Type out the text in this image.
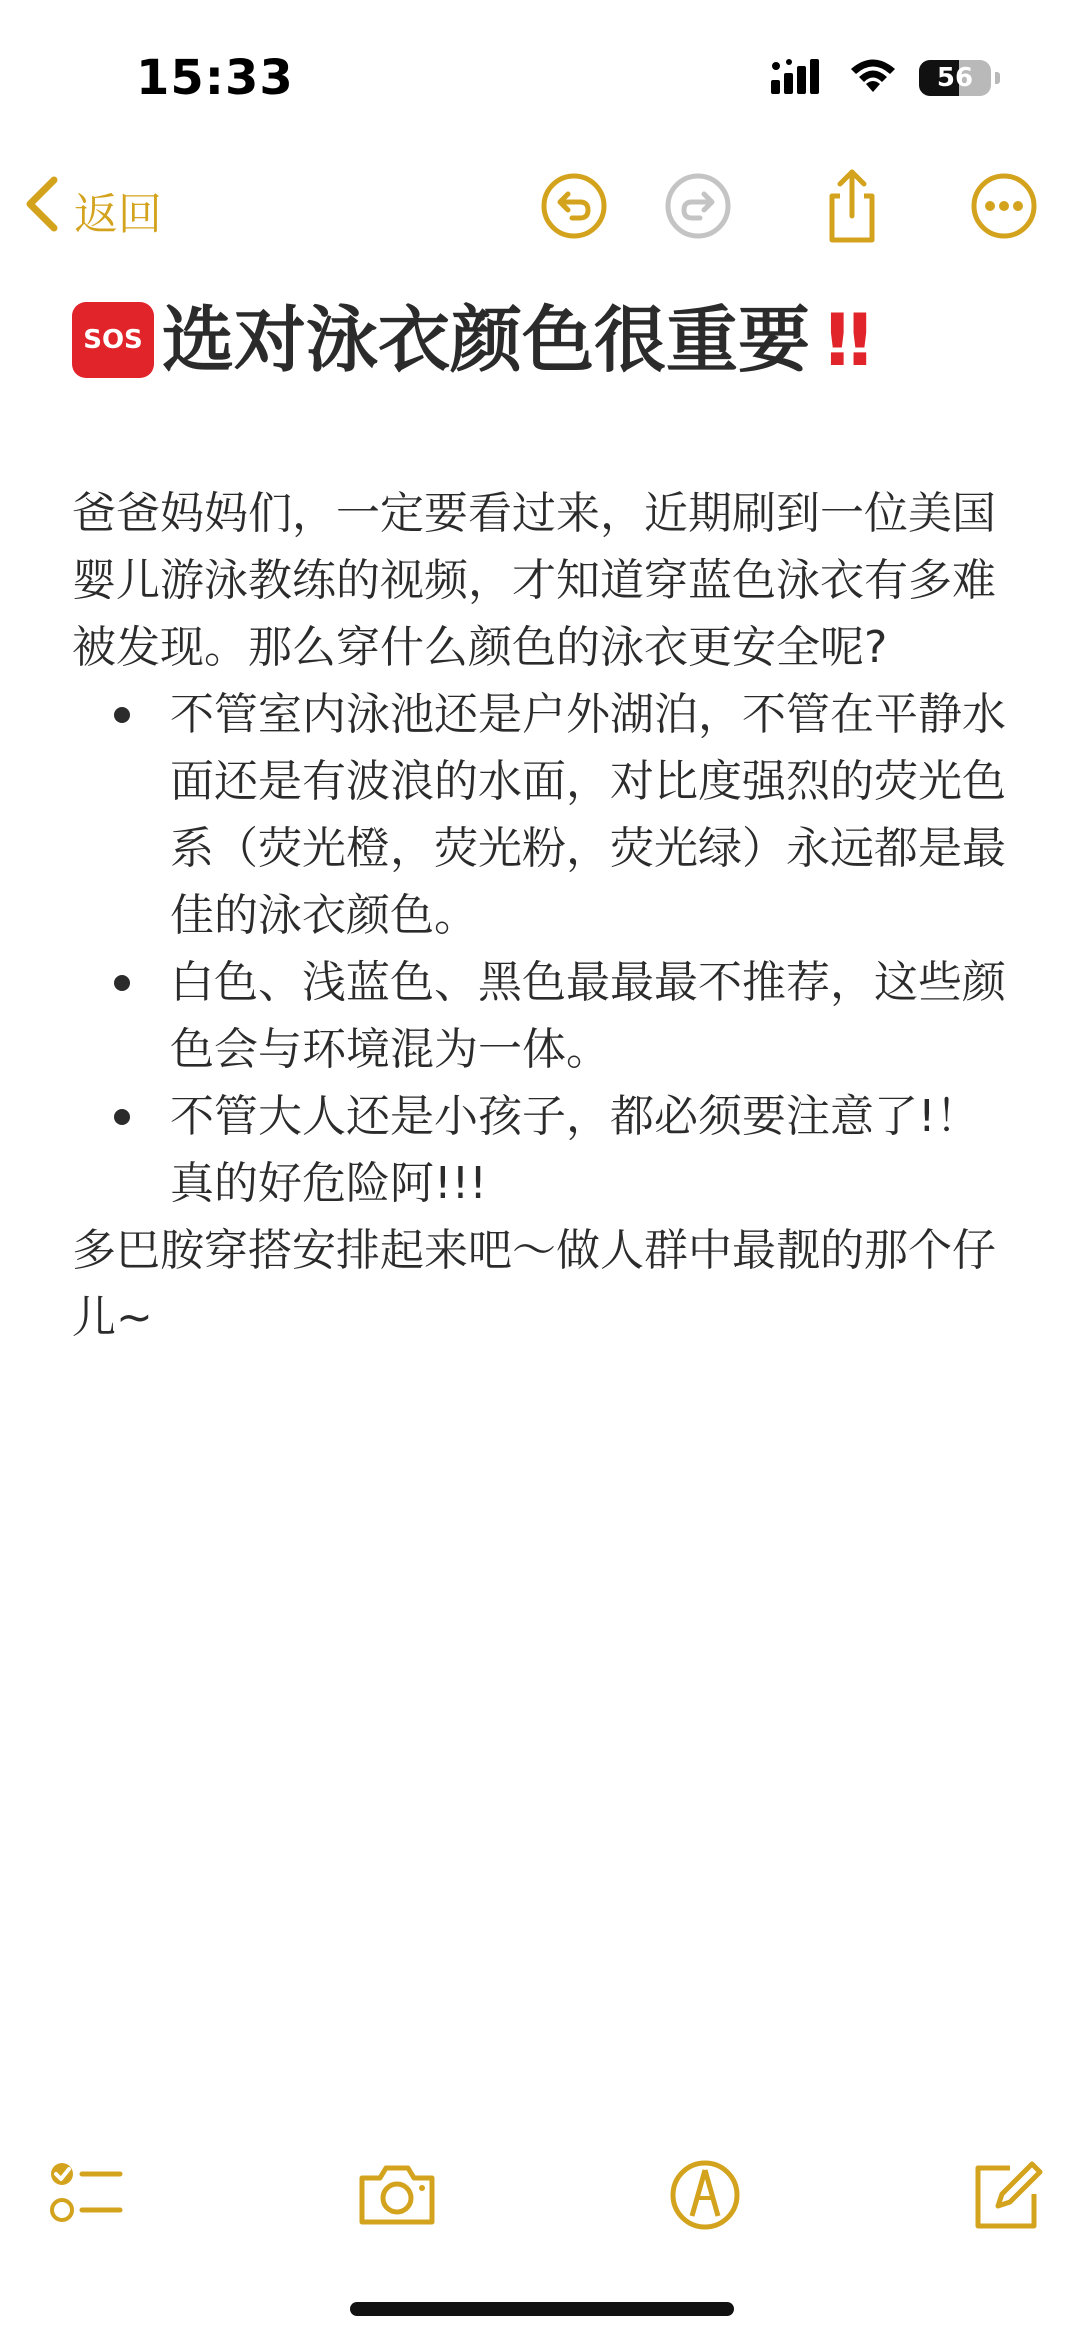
15:33	56
返回
SOS 选对泳衣颜色很重要 ‼

爸爸妈妈们，一定要看过来，近期刷到一位美国婴儿游泳教练的视频，才知道穿蓝色泳衣有多难被发现。那么穿什么颜色的泳衣更安全呢?

不管室内泳池还是户外湖泊，不管在平静水面还是有波浪的水面，对比度强烈的荧光色系（荧光橙，荧光粉，荧光绿）永远都是最佳的泳衣颜色。
白色、浅蓝色、黑色最最最不推荐，这些颜色会与环境混为一体。
不管大人还是小孩子，都必须要注意了!！ 真的好危险阿!!!

多巴胺穿搭安排起来吧～做人群中最靓的那个仔儿~
